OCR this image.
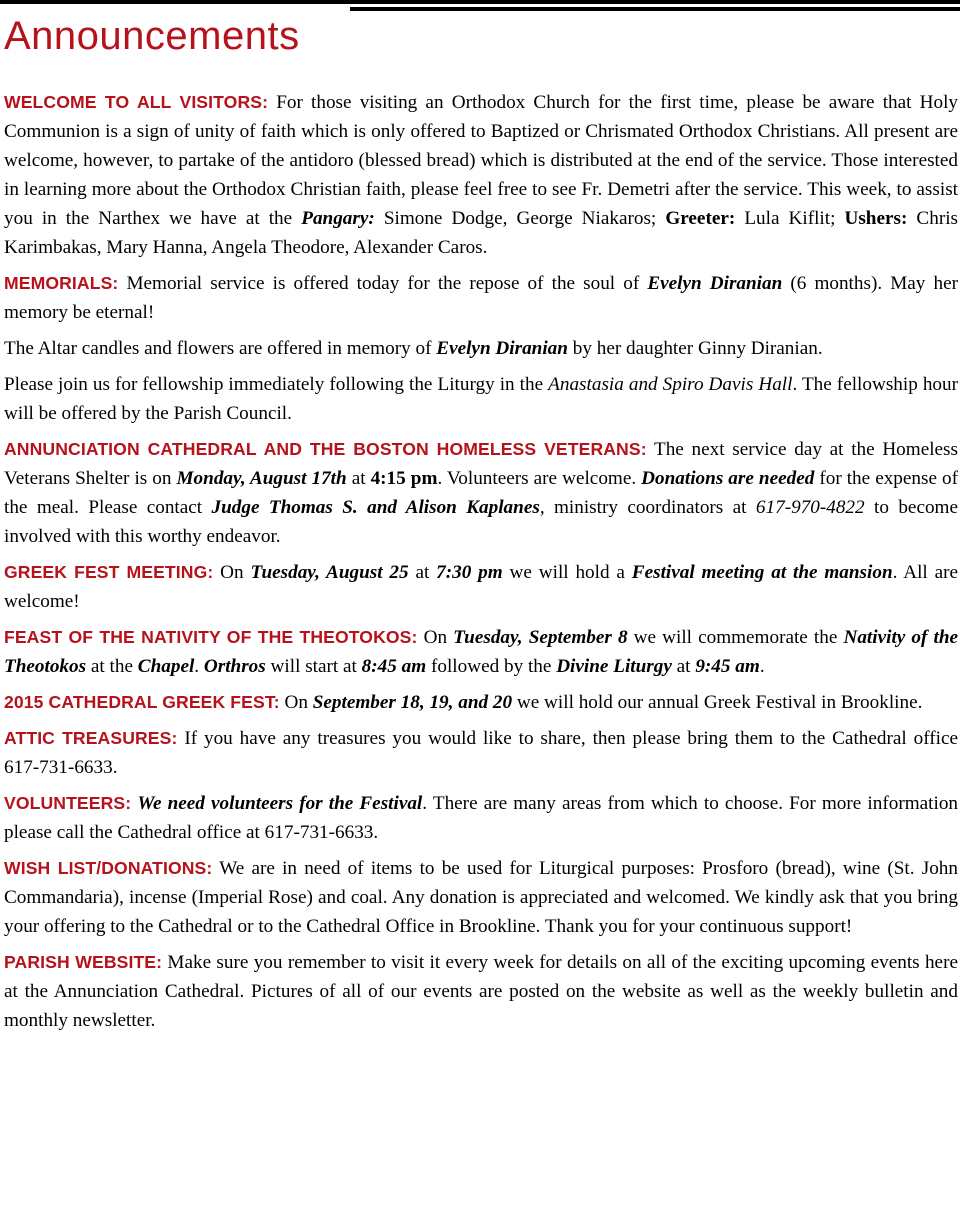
Announcements

WELCOME TO ALL VISITORS: For those visiting an Orthodox Church for the first time, please be aware that Holy Communion is a sign of unity of faith which is only offered to Baptized or Chrismated Orthodox Christians. All present are welcome, however, to partake of the antidoro (blessed bread) which is distributed at the end of the service. Those interested in learning more about the Orthodox Christian faith, please feel free to see Fr. Demetri after the service. This week, to assist you in the Narthex we have at the Pangary: Simone Dodge, George Niakaros; Greeter: Lula Kiflit; Ushers: Chris Karimbakas, Mary Hanna, Angela Theodore, Alexander Caros.

MEMORIALS: Memorial service is offered today for the repose of the soul of Evelyn Diranian (6 months). May her memory be eternal!

The Altar candles and flowers are offered in memory of Evelyn Diranian by her daughter Ginny Diranian.

Please join us for fellowship immediately following the Liturgy in the Anastasia and Spiro Davis Hall. The fellowship hour will be offered by the Parish Council.

ANNUNCIATION CATHEDRAL AND THE BOSTON HOMELESS VETERANS: The next service day at the Homeless Veterans Shelter is on Monday, August 17th at 4:15 pm. Volunteers are welcome. Donations are needed for the expense of the meal. Please contact Judge Thomas S. and Alison Kaplanes, ministry coordinators at 617-970-4822 to become involved with this worthy endeavor.

GREEK FEST MEETING: On Tuesday, August 25 at 7:30 pm we will hold a Festival meeting at the mansion. All are welcome!

FEAST OF THE NATIVITY OF THE THEOTOKOS: On Tuesday, September 8 we will commemorate the Nativity of the Theotokos at the Chapel. Orthros will start at 8:45 am followed by the Divine Liturgy at 9:45 am.

2015 CATHEDRAL GREEK FEST: On September 18, 19, and 20 we will hold our annual Greek Festival in Brookline.

ATTIC TREASURES: If you have any treasures you would like to share, then please bring them to the Cathedral office 617-731-6633.

VOLUNTEERS: We need volunteers for the Festival. There are many areas from which to choose. For more information please call the Cathedral office at 617-731-6633.

WISH LIST/DONATIONS: We are in need of items to be used for Liturgical purposes: Prosforo (bread), wine (St. John Commandaria), incense (Imperial Rose) and coal. Any donation is appreciated and welcomed. We kindly ask that you bring your offering to the Cathedral or to the Cathedral Office in Brookline. Thank you for your continuous support!

PARISH WEBSITE: Make sure you remember to visit it every week for details on all of the exciting upcoming events here at the Annunciation Cathedral. Pictures of all of our events are posted on the website as well as the weekly bulletin and monthly newsletter.
